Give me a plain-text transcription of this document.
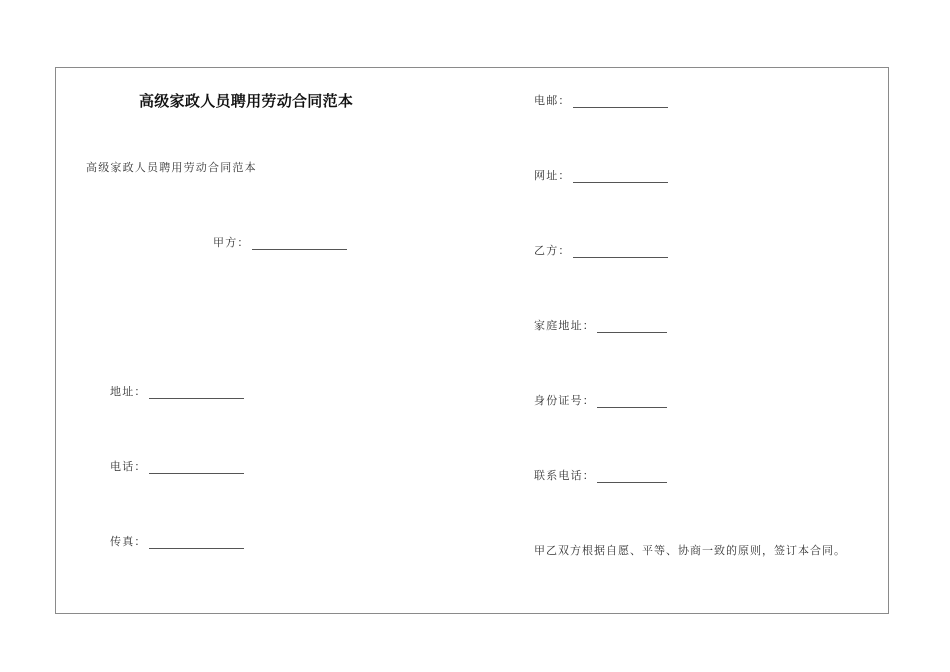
高级家政人员聘用劳动合同范本
高级家政人员聘用劳动合同范本
甲方：
地址：
电话：
传真：
电邮：
网址：
乙方：
家庭地址：
身份证号：
联系电话：
甲乙双方根据自愿、平等、协商一致的原则，签订本合同。
